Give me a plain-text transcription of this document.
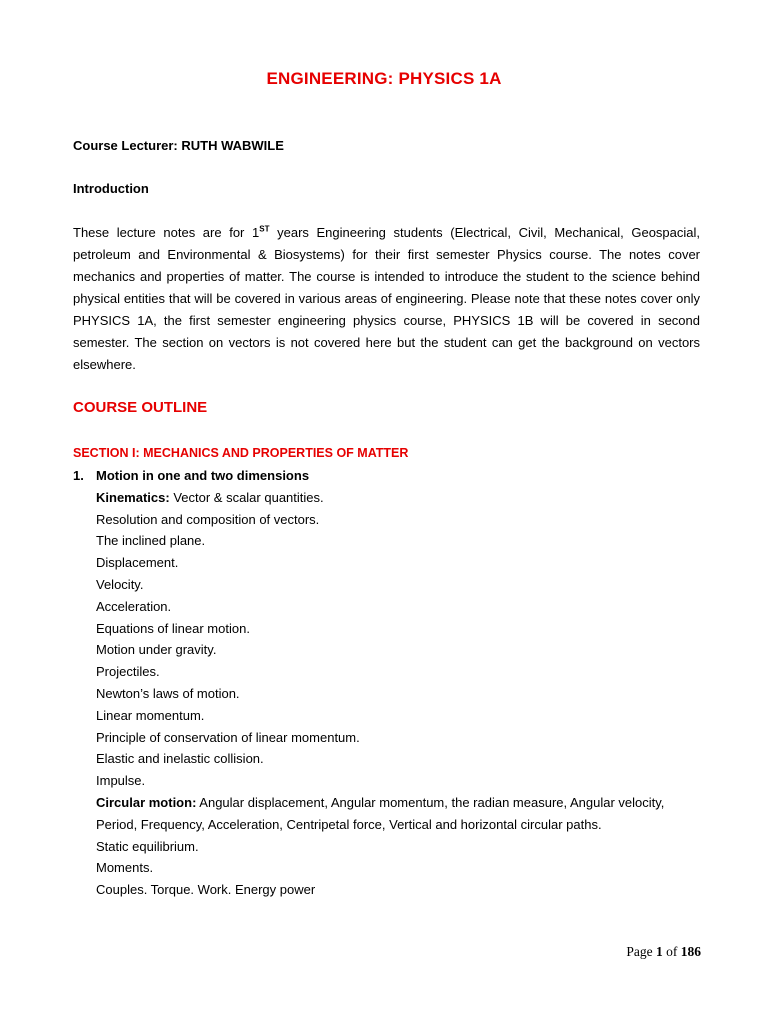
ENGINEERING: PHYSICS 1A
Course Lecturer: RUTH WABWILE
Introduction

These lecture notes are for 1ST years Engineering students (Electrical, Civil, Mechanical, Geospacial, petroleum and Environmental & Biosystems) for their first semester Physics course. The notes cover mechanics and properties of matter. The course is intended to introduce the student to the science behind physical entities that will be covered in various areas of engineering. Please note that these notes cover only PHYSICS 1A, the first semester engineering physics course, PHYSICS 1B will be covered in second semester. The section on vectors is not covered here but the student can get the background on vectors elsewhere.

COURSE OUTLINE
SECTION I: MECHANICS AND PROPERTIES OF MATTER
1. Motion in one and two dimensions
Kinematics: Vector & scalar quantities.
Resolution and composition of vectors.
The inclined plane.
Displacement.
Velocity.
Acceleration.
Equations of linear motion.
Motion under gravity.
Projectiles.
Newton’s laws of motion.
Linear momentum.
Principle of conservation of linear momentum.
Elastic and inelastic collision.
Impulse.
Circular motion: Angular displacement, Angular momentum, the radian measure, Angular velocity,
Period, Frequency, Acceleration, Centripetal force, Vertical and horizontal circular paths.
Static equilibrium.
Moments.
Couples. Torque. Work. Energy power
Page 1 of 186
